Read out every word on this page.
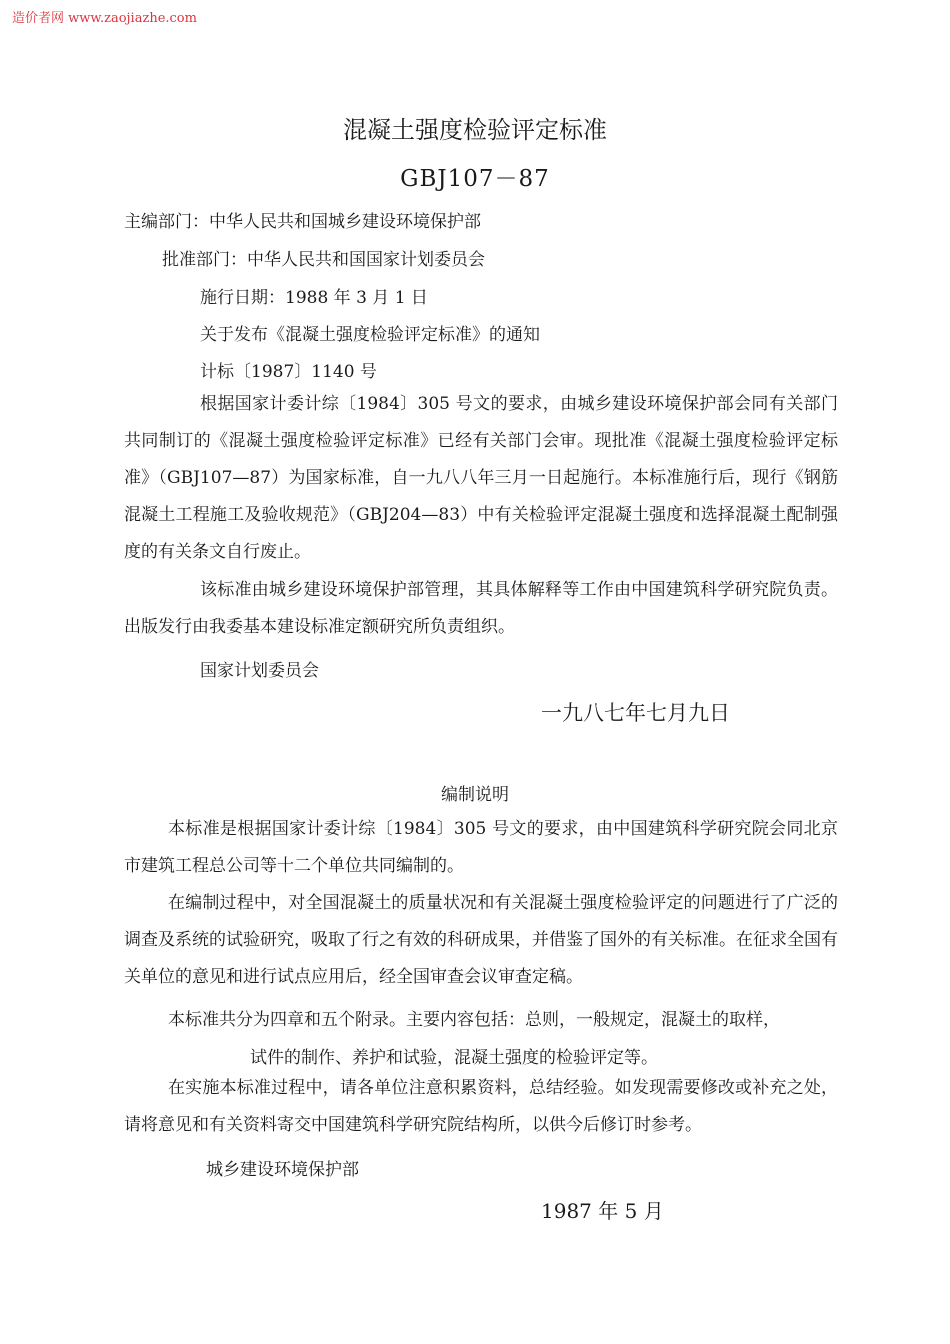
造价者网 www.zaojiazhe.com
混凝土强度检验评定标准
GBJ107－87
主编部门：中华人民共和国城乡建设环境保护部
批准部门：中华人民共和国国家计划委员会
施行日期：1988 年 3 月 1 日
关于发布《混凝土强度检验评定标准》的通知
计标〔1987〕1140 号
根据国家计委计综〔1984〕305 号文的要求，由城乡建设环境保护部会同有关部门共同制订的《混凝土强度检验评定标准》已经有关部门会审。现批准《混凝土强度检验评定标准》（GBJ107—87）为国家标准，自一九八八年三月一日起施行。本标准施行后，现行《钢筋混凝土工程施工及验收规范》（GBJ204—83）中有关检验评定混凝土强度和选择混凝土配制强度的有关条文自行废止。
该标准由城乡建设环境保护部管理，其具体解释等工作由中国建筑科学研究院负责。出版发行由我委基本建设标准定额研究所负责组织。
国家计划委员会
一九八七年七月九日
编制说明
本标准是根据国家计委计综〔1984〕305 号文的要求，由中国建筑科学研究院会同北京市建筑工程总公司等十二个单位共同编制的。
在编制过程中，对全国混凝土的质量状况和有关混凝土强度检验评定的问题进行了广泛的调查及系统的试验研究，吸取了行之有效的科研成果，并借鉴了国外的有关标准。在征求全国有关单位的意见和进行试点应用后，经全国审查会议审查定稿。
本标准共分为四章和五个附录。主要内容包括：总则，一般规定，混凝土的取样，
试件的制作、养护和试验，混凝土强度的检验评定等。
在实施本标准过程中，请各单位注意积累资料，总结经验。如发现需要修改或补充之处，请将意见和有关资料寄交中国建筑科学研究院结构所，以供今后修订时参考。
城乡建设环境保护部
1987 年 5 月
